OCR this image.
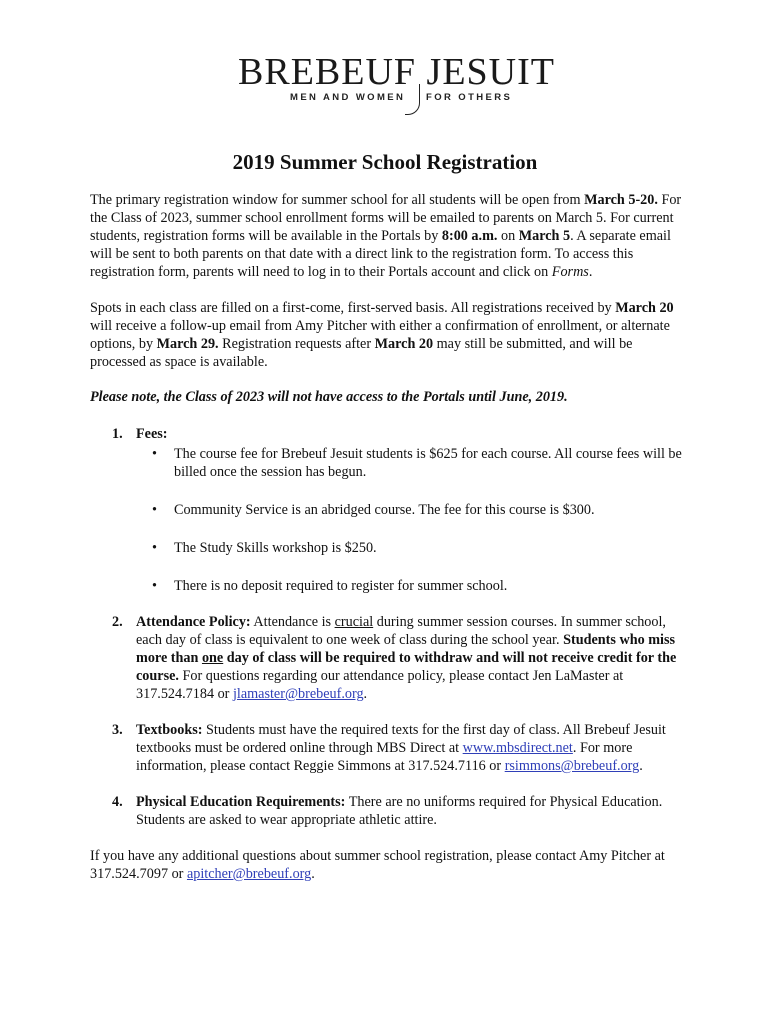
BREBEUF JESUIT
MEN AND WOMEN FOR OTHERS
2019 Summer School Registration

The primary registration window for summer school for all students will be open from March 5-20. For the Class of 2023, summer school enrollment forms will be emailed to parents on March 5. For current students, registration forms will be available in the Portals by 8:00 a.m. on March 5. A separate email will be sent to both parents on that date with a direct link to the registration form. To access this registration form, parents will need to log in to their Portals account and click on Forms.

Spots in each class are filled on a first-come, first-served basis. All registrations received by March 20 will receive a follow-up email from Amy Pitcher with either a confirmation of enrollment, or alternate options, by March 29. Registration requests after March 20 may still be submitted, and will be processed as space is available.

Please note, the Class of 2023 will not have access to the Portals until June, 2019.

1. Fees:
• The course fee for Brebeuf Jesuit students is $625 for each course. All course fees will be billed once the session has begun.
• Community Service is an abridged course. The fee for this course is $300.
• The Study Skills workshop is $250.
• There is no deposit required to register for summer school.
2. Attendance Policy: Attendance is crucial during summer session courses. In summer school, each day of class is equivalent to one week of class during the school year. Students who miss more than one day of class will be required to withdraw and will not receive credit for the course. For questions regarding our attendance policy, please contact Jen LaMaster at 317.524.7184 or jlamaster@brebeuf.org.
3. Textbooks: Students must have the required texts for the first day of class. All Brebeuf Jesuit textbooks must be ordered online through MBS Direct at www.mbsdirect.net. For more information, please contact Reggie Simmons at 317.524.7116 or rsimmons@brebeuf.org.
4. Physical Education Requirements: There are no uniforms required for Physical Education. Students are asked to wear appropriate athletic attire.

If you have any additional questions about summer school registration, please contact Amy Pitcher at 317.524.7097 or apitcher@brebeuf.org.
